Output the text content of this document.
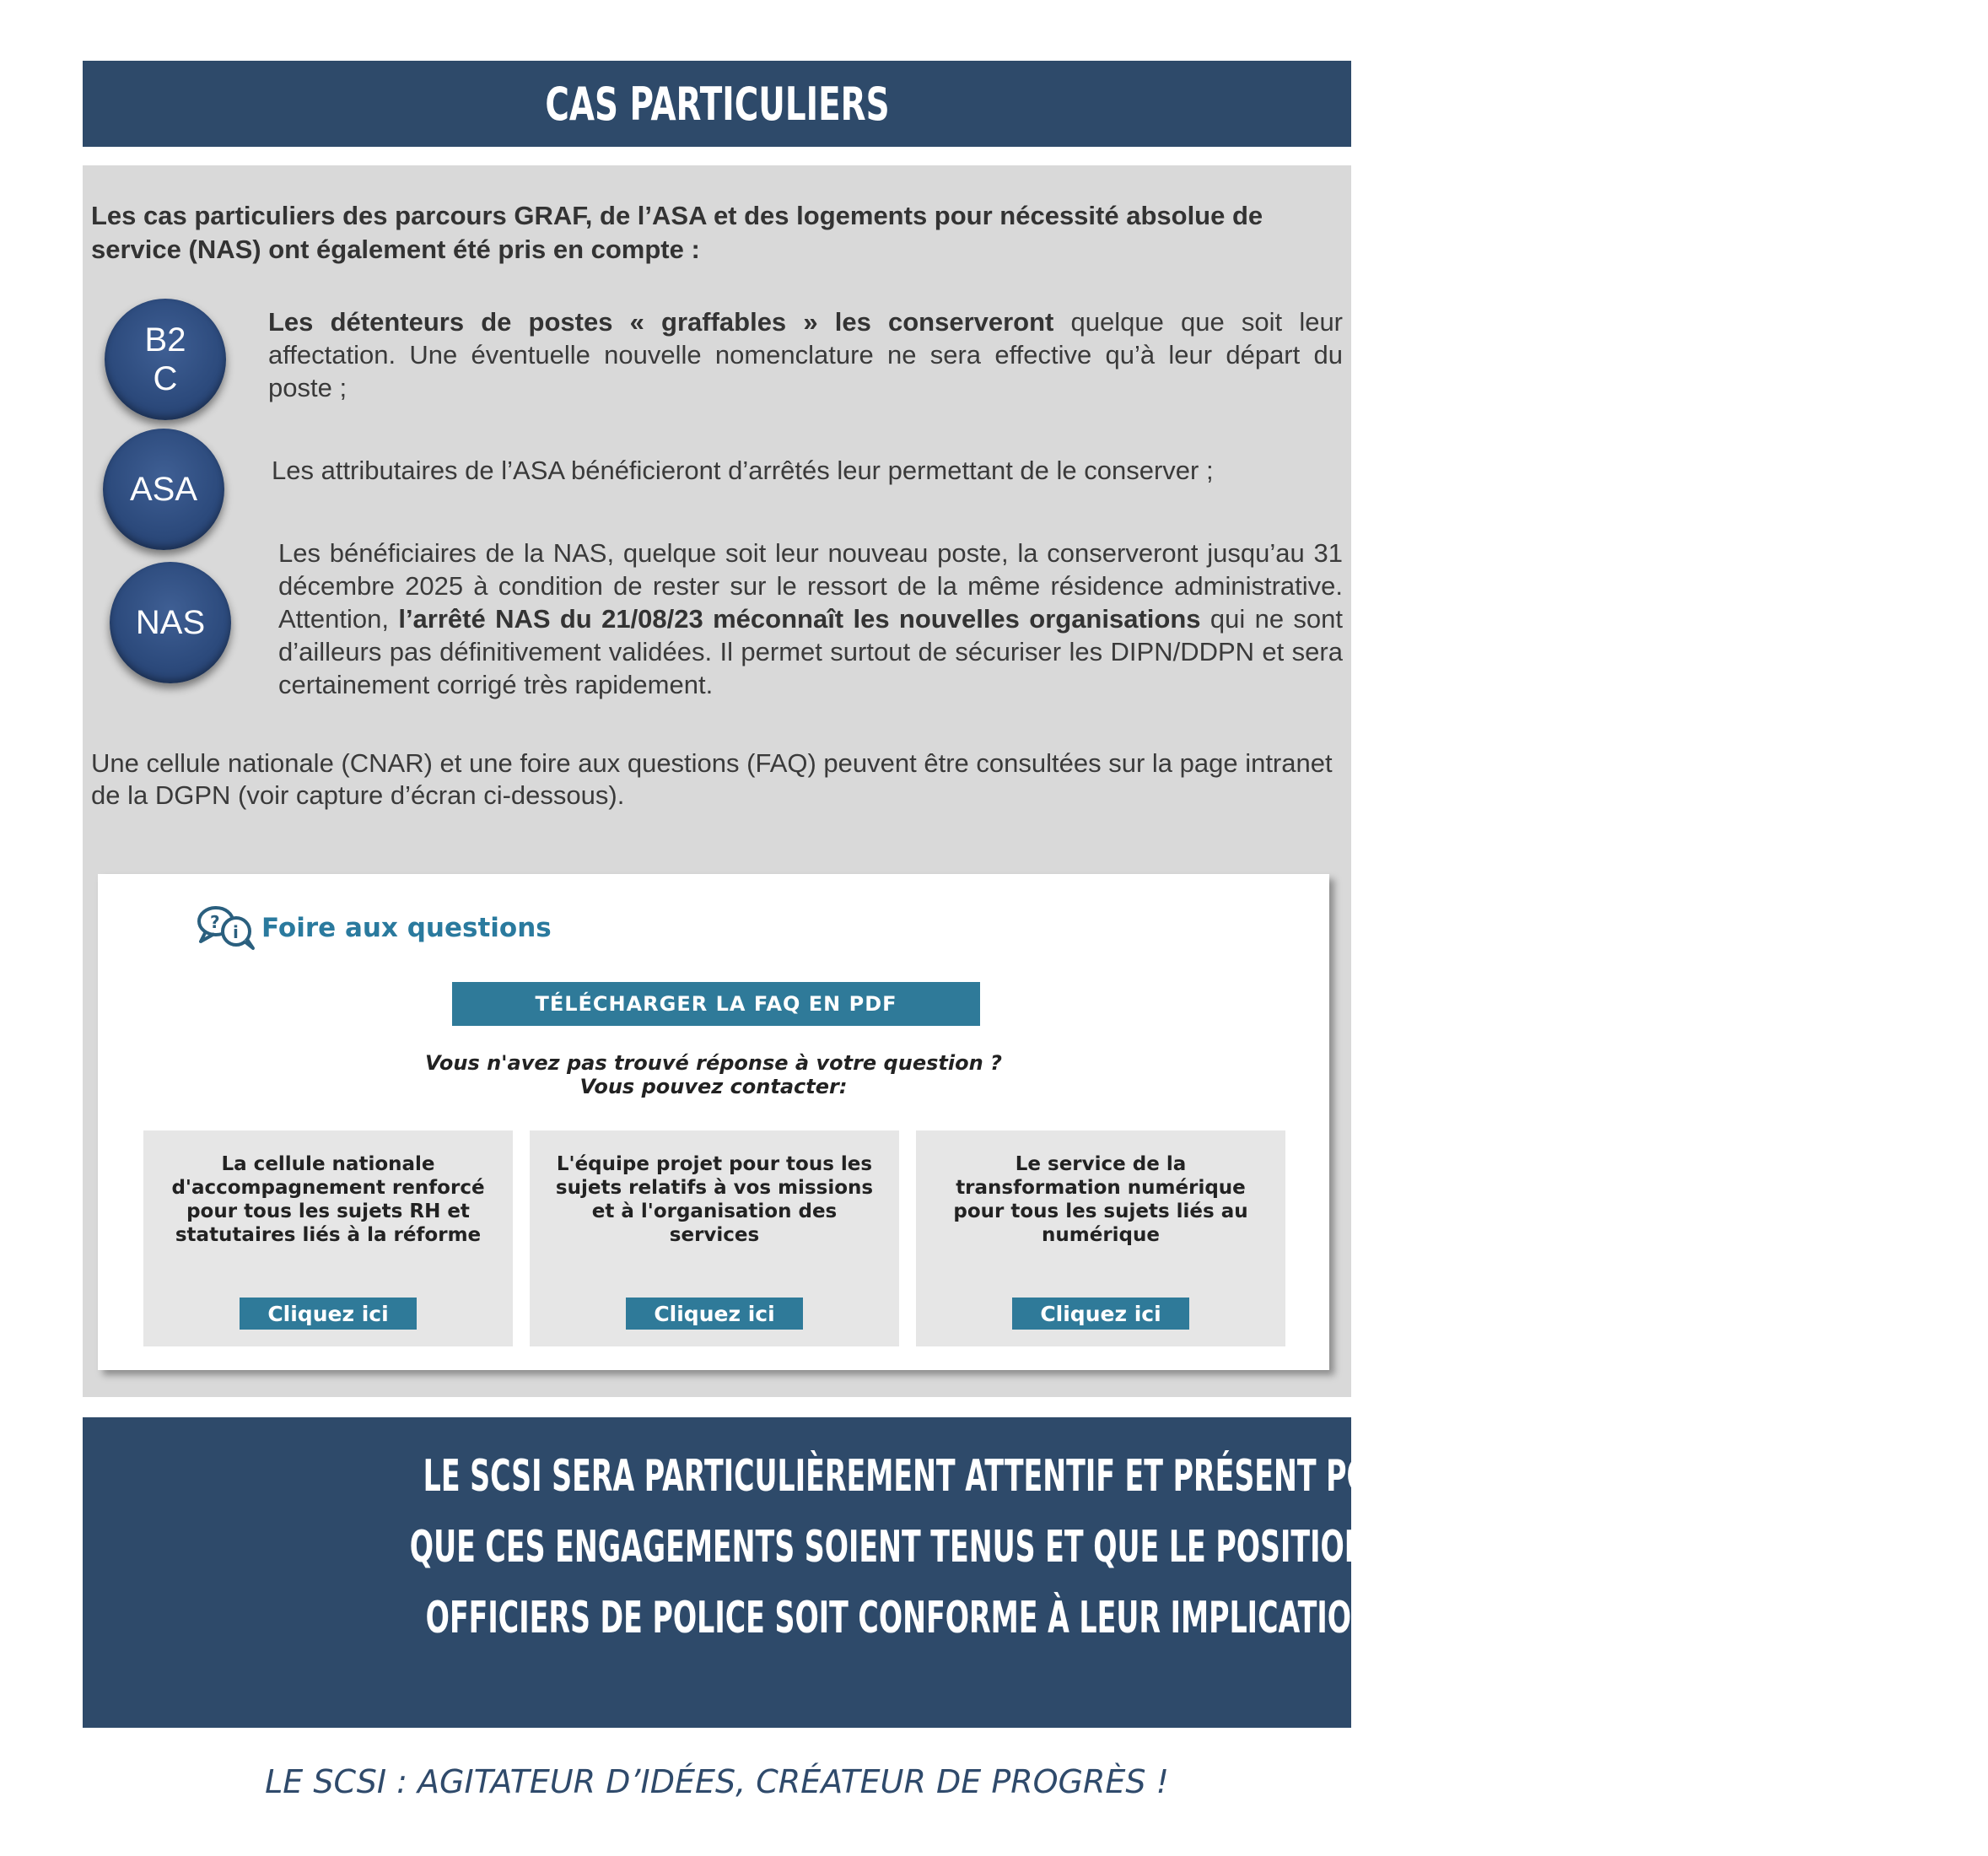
CAS PARTICULIERS
Les cas particuliers des parcours GRAF, de l’ASA et des logements pour nécessité absolue de service (NAS) ont également été pris en compte :
B2
C
Les détenteurs de postes « graffables » les conserveront quelque que soit leur affectation. Une éventuelle nouvelle nomenclature ne sera effective qu’à leur départ du poste ;
ASA
Les attributaires de l’ASA bénéficieront d’arrêtés leur permettant de le conserver ;
NAS
Les bénéficiaires de la NAS, quelque soit leur nouveau poste, la conserveront jusqu’au 31 décembre 2025 à condition de rester sur le ressort de la même résidence administrative. Attention, l’arrêté NAS du 21/08/23 méconnaît les nouvelles organisations qui ne sont d’ailleurs pas définitivement validées. Il permet surtout de sécuriser les DIPN/DDPN et sera certainement corrigé très rapidement.
Une cellule nationale (CNAR) et une foire aux questions (FAQ) peuvent être consultées sur la page intranet de la DGPN (voir capture d’écran ci-dessous).
? i Foire aux questions
TÉLÉCHARGER LA FAQ EN PDF
Vous n'avez pas trouvé réponse à votre question ?
Vous pouvez contacter:
La cellule nationale d'accompagnement renforcé pour tous les sujets RH et statutaires liés à la réforme
Cliquez ici
L'équipe projet pour tous les sujets relatifs à vos missions et à l'organisation des services
Cliquez ici
Le service de la transformation numérique pour tous les sujets liés au numérique
Cliquez ici
LE SCSI SERA PARTICULIÈREMENT ATTENTIF ET PRÉSENT POUR VEILLER À CE
QUE CES ENGAGEMENTS SOIENT TENUS ET QUE LE POSITIONNEMENT DES
OFFICIERS DE POLICE SOIT CONFORME À LEUR IMPLICATION ET À LEUR RANG
LE SCSI : AGITATEUR D’IDÉES, CRÉATEUR DE PROGRÈS !
